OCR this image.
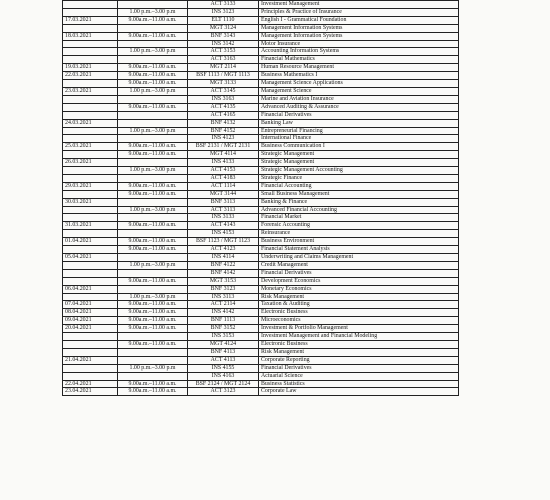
		ACT 3133	Investment Management
	1.00 p.m.–3.00 p.m	INS 3123	Principles & Practice of Insurance
17.03.2021	9.00a.m.–11.00 a.m.	ELT 1110	English I - Grammatical Foundation
		MGT 3124	Management Information Systems
18.03.2021	9.00a.m.–11.00 a.m.	BNF 3143	Management Information Systems
		INS 3142	Motor Insurance
	1.00 p.m.–3.00 p.m	ACT 3153	Accounting Information Systems
		ACT 3163	Financial Mathematics
19.03.2021	9.00a.m.–11.00 a.m.	MGT 2114	Human Resource Management
22.03.2021	9.00a.m.–11.00 a.m.	BSF 1113 / MGT 1113	Business Mathematics I
	9.00a.m.–11.00 a.m.	MGT 3133	Management Science Applications
23.03.2021	1.00 p.m.–3.00 p.m	ACT 3145	Management Science
		INS 3163	Marine and Aviation Insurance
	9.00a.m.–11.00 a.m.	ACT 4135	Advanced Auditing & Assurance
		ACT 4165	Financial Derivatives
24.03.2021		BNF 4132	Banking Law
	1.00 p.m.–3.00 p.m	BNF 4152	Entrepreneurial Financing
		INS 4123	International Finance
25.03.2021	9.00a.m.–11.00 a.m.	BSF 2131 / MGT 2131	Business Communication I
	9.00a.m.–11.00 a.m.	MGT 4114	Strategic Management
26.03.2021		INS 4133	Strategic Management
	1.00 p.m.–3.00 p.m	ACT 4153	Strategic Management Accounting
		ACT 4183	Strategic Finance
29.03.2021	9.00a.m.–11.00 a.m.	ACT 1114	Financial Accounting
	9.00a.m.–11.00 a.m.	MGT 3144	Small Business Management
30.03.2021		BNF 3113	Banking & Finance
	1.00 p.m.–3.00 p.m	ACT 3113	Advanced Financial Accounting
		INS 3133	Financial Market
31.03.2021	9.00a.m.–11.00 a.m.	ACT 4143	Forensic Accounting
		INS 4153	Reinsurance
01.04.2021	9.00a.m.–11.00 a.m.	BSF 1123 / MGT 1123	Business Environment
	9.00a.m.–11.00 a.m.	ACT 4123	Financial Statement Analysis
05.04.2021		INS 4114	Underwriting and Claims Management
	1.00 p.m.–3.00 p.m	BNF 4122	Credit Management
		BNF 4142	Financial Derivatives
	9.00a.m.–11.00 a.m.	MGT 3153	Development Economics
06.04.2021		BNF 3123	Monetary Economics
	1.00 p.m.–3.00 p.m	INS 3113	Risk Management
07.04.2021	9.00a.m.–11.00 a.m.	ACT 2114	Taxation & Auditing
08.04.2021	9.00a.m.–11.00 a.m.	INS 4142	Electronic Business
09.04.2021	9.00a.m.–11.00 a.m.	BNF 1113	Microeconomics
20.04.2021	9.00a.m.–11.00 a.m.	BNF 3152	Investment & Portfolio Management
		INS 3153	Investment Management and Financial Modeling
	9.00a.m.–11.00 a.m.	MGT 4124	Electronic Business
		BNF 4113	Risk Management
21.04.2021		ACT 4113	Corporate Reporting
	1.00 p.m.–3.00 p.m	INS 4155	Financial Derivatives
		INS 4163	Actuarial Science
22.04.2021	9.00a.m.–11.00 a.m.	BSF 2124 / MGT 2124	Business Statistics
23.04.2021	9.00a.m.–11.00 a.m.	ACT 3123	Corporate Law
